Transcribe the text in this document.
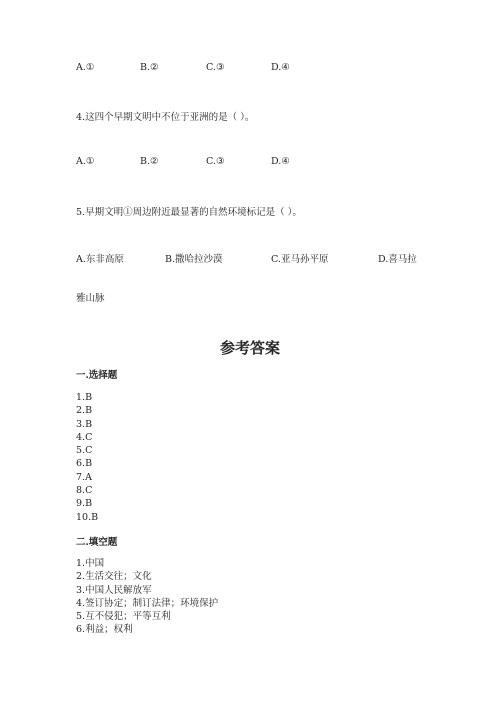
A.①	B.②	C.③	D.④
4.这四个早期文明中不位于亚洲的是（ ）。
A.①	B.②	C.③	D.④
5.早期文明①周边附近最显著的自然环境标记是（ ）。
A.东非高原	B.撒哈拉沙漠	C.亚马孙平原	D.喜马拉
雅山脉
参考答案
一.选择题
1.B
2.B
3.B
4.C
5.C
6.B
7.A
8.C
9.B
10.B
二.填空题
1.中国
2.生活交往；文化
3.中国人民解放军
4.签订协定；制订法律；环境保护
5.互不侵犯；平等互利
6.利益；权利
